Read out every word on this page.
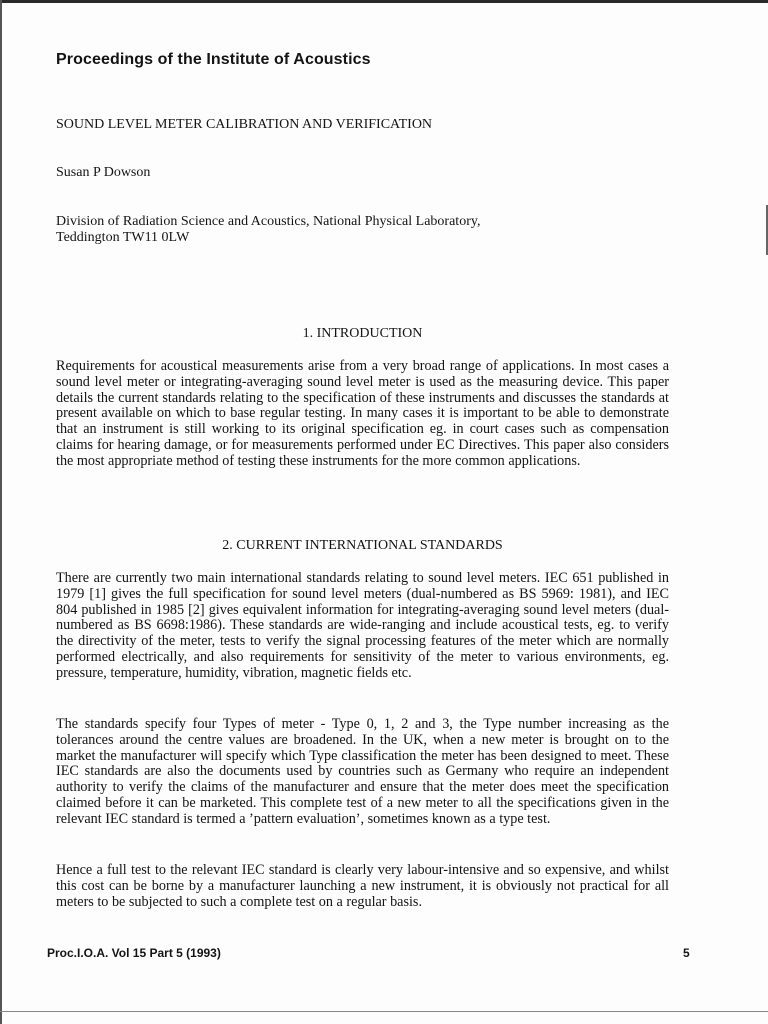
Proceedings of the Institute of Acoustics
SOUND LEVEL METER CALIBRATION AND VERIFICATION
Susan P Dowson
Division of Radiation Science and Acoustics, National Physical Laboratory,
Teddington TW11 0LW
1. INTRODUCTION

Requirements for acoustical measurements arise from a very broad range of applications. In most cases a sound level meter or integrating-averaging sound level meter is used as the measuring device. This paper details the current standards relating to the specification of these instruments and discusses the standards at present available on which to base regular testing. In many cases it is important to be able to demonstrate that an instrument is still working to its original specification eg. in court cases such as compensation claims for hearing damage, or for measurements performed under EC Directives. This paper also considers the most appropriate method of testing these instruments for the more common applications.

2. CURRENT INTERNATIONAL STANDARDS

There are currently two main international standards relating to sound level meters. IEC 651 published in 1979 [1] gives the full specification for sound level meters (dual-numbered as BS 5969: 1981), and IEC 804 published in 1985 [2] gives equivalent information for integrating-averaging sound level meters (dual-numbered as BS 6698:1986). These standards are wide-ranging and include acoustical tests, eg. to verify the directivity of the meter, tests to verify the signal processing features of the meter which are normally performed electrically, and also requirements for sensitivity of the meter to various environments, eg. pressure, temperature, humidity, vibration, magnetic fields etc.

The standards specify four Types of meter - Type 0, 1, 2 and 3, the Type number increasing as the tolerances around the centre values are broadened. In the UK, when a new meter is brought on to the market the manufacturer will specify which Type classification the meter has been designed to meet. These IEC standards are also the documents used by countries such as Germany who require an independent authority to verify the claims of the manufacturer and ensure that the meter does meet the specification claimed before it can be marketed. This complete test of a new meter to all the specifications given in the relevant IEC standard is termed a ’pattern evaluation’, sometimes known as a type test.

Hence a full test to the relevant IEC standard is clearly very labour-intensive and so expensive, and whilst this cost can be borne by a manufacturer launching a new instrument, it is obviously not practical for all meters to be subjected to such a complete test on a regular basis.

Proc.I.O.A. Vol 15 Part 5 (1993)	5
